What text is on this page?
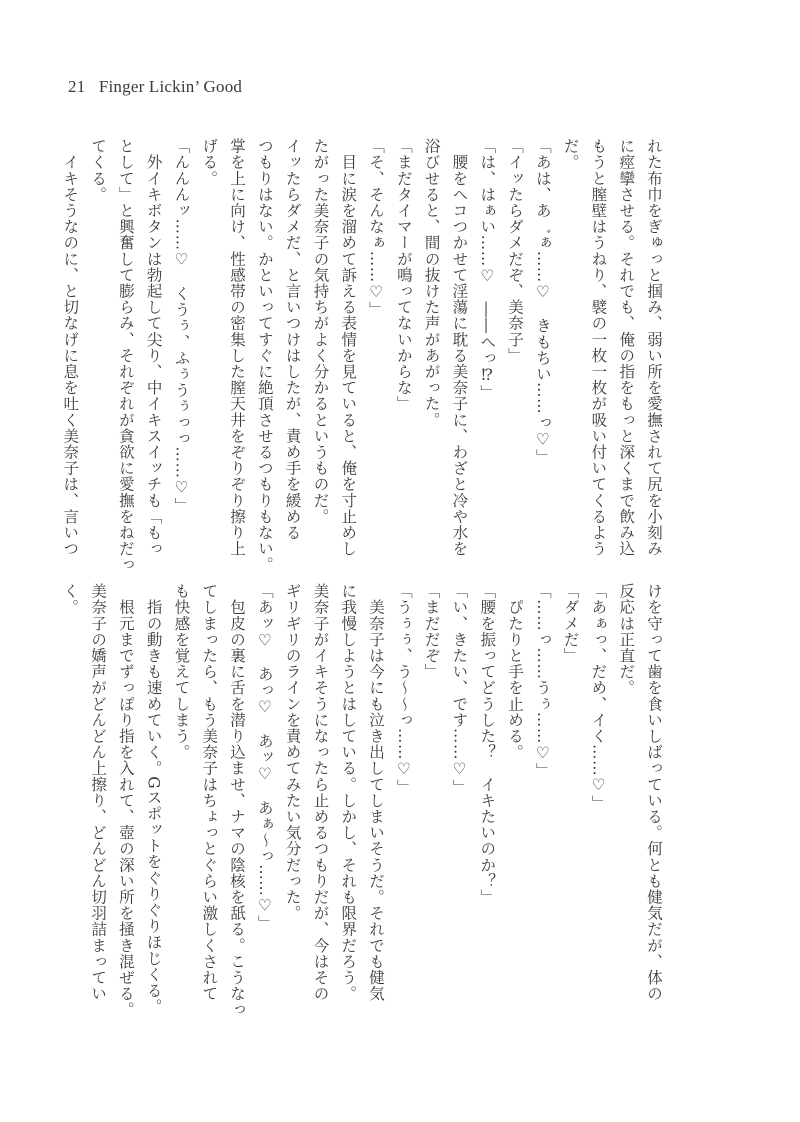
21 Finger Lickin’ Good

れた布巾をぎゅっと掴み、弱い所を愛撫されて尻を小刻み

に痙攣させる。それでも、俺の指をもっと深くまで飲み込

もうと膣壁はうねり、襞の一枚一枚が吸い付いてくるよう

だ。

「あは、あ゛ぁ……♡　きもちい……っ♡」

「イッたらダメだぞ、美奈子」

「は、はぁい……♡　――へっ⁉」

　腰をヘコつかせて淫蕩に耽る美奈子に、わざと冷や水を

浴びせると、間の抜けた声があがった。

「まだタイマーが鳴ってないからな」

「そ、そんなぁ……♡」

　目に涙を溜めて訴える表情を見ていると、俺を寸止めし

たがった美奈子の気持ちがよく分かるというものだ。

イッたらダメだ、と言いつけはしたが、責め手を緩める

つもりはない。かといってすぐに絶頂させるつもりもない。

掌を上に向け、性感帯の密集した膣天井をぞりぞり擦り上

げる。

「んんんッ……♡　くうぅ、ふぅうぅっっ……♡」

　外イキボタンは勃起して尖り、中イキスイッチも「もっ

として」と興奮して膨らみ、それぞれが貪欲に愛撫をねだっ

てくる。

　イキそうなのに、と切なげに息を吐く美奈子は、言いつ

けを守って歯を食いしばっている。何とも健気だが、体の

反応は正直だ。

「あぁっ、だめ、イく……♡」

「ダメだ」

「……っ……うぅ……♡」

　ぴたりと手を止める。

「腰を振ってどうした？　イキたいのか？」

「い、きたい、です……♡」

「まだだぞ」

「うぅぅ、う〜〜っ……♡」

　美奈子は今にも泣き出してしまいそうだ。それでも健気

に我慢しようとはしている。しかし、それも限界だろう。

美奈子がイキそうになったら止めるつもりだが、今はその

ギリギリのラインを責めてみたい気分だった。

「あッ♡　あっ♡　あッ♡　あぁ〜っ……♡」

　包皮の裏に舌を潜り込ませ、ナマの陰核を舐る。こうなっ

てしまったら、もう美奈子はちょっとぐらい激しくされて

も快感を覚えてしまう。

　指の動きも速めていく。Gスポットをぐりぐりほじくる。

　根元までずっぽり指を入れて、壺の深い所を掻き混ぜる。

美奈子の嬌声がどんどん上擦り、どんどん切羽詰まってい

く。
